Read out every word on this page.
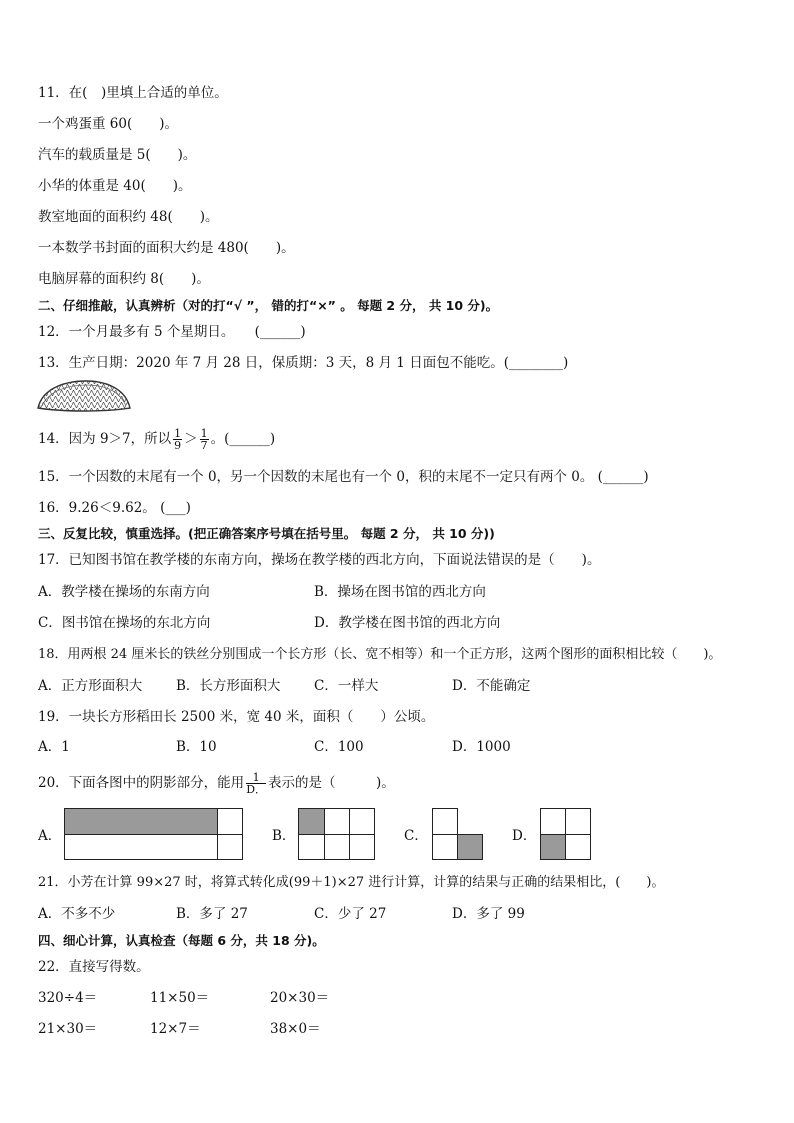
11．在(　)里填上合适的单位。
一个鸡蛋重 60(　　)。
汽车的载质量是 5(　　)。
小华的体重是 40(　　)。
教室地面的面积约 48(　　)。
一本数学书封面的面积大约是 480(　　)。
电脑屏幕的面积约 8(　　)。
二、仔细推敲，认真辨析（对的打“√ ”， 错的打“×” 。 每题 2 分， 共 10 分)。
12．一个月最多有 5 个星期日。　　(______)
13．生产日期：2020 年 7 月 28 日，保质期：3 天，8 月 1 日面包不能吃。(________)
14．因为 9＞7，所以 $\frac{1}{9} > \frac{1}{7}$ 。(______)
15．一个因数的末尾有一个 0，另一个因数的末尾也有一个 0，积的末尾不一定只有两个 0。 (______)
16．9.26＜9.62。 (___)
三、反复比较，慎重选择。(把正确答案序号填在括号里。 每题 2 分， 共 10 分))
17．已知图书馆在教学楼的东南方向，操场在教学楼的西北方向，下面说法错误的是（　　)。
A．教学楼在操场的东南方向	B．操场在图书馆的西北方向
C．图书馆在操场的东北方向	D．教学楼在图书馆的西北方向
18．用两根 24 厘米长的铁丝分别围成一个长方形（长、宽不相等）和一个正方形，这两个图形的面积相比较（　　)。
A．正方形面积大	B．长方形面积大 C．一样大	D．不能确定
19．一块长方形稻田长 2500 米，宽 40 米，面积（　　）公顷。
A．1	B．10	C．100	D．1000
20．下面各图中的阴影部分，能用 $\frac{1}{D.}$ 表示的是（　　　)。
A．	B．	C．	D．
21．小芳在计算 99×27 时，将算式转化成(99＋1)×27 进行计算，计算的结果与正确的结果相比，(　　)。
A．不多不少	B．多了 27	C．少了 27	D．多了 99
四、细心计算，认真检查（每题 6 分，共 18 分)。
22．直接写得数。
320÷4＝	11×50＝	20×30＝
21×30＝	12×7＝	38×0＝
